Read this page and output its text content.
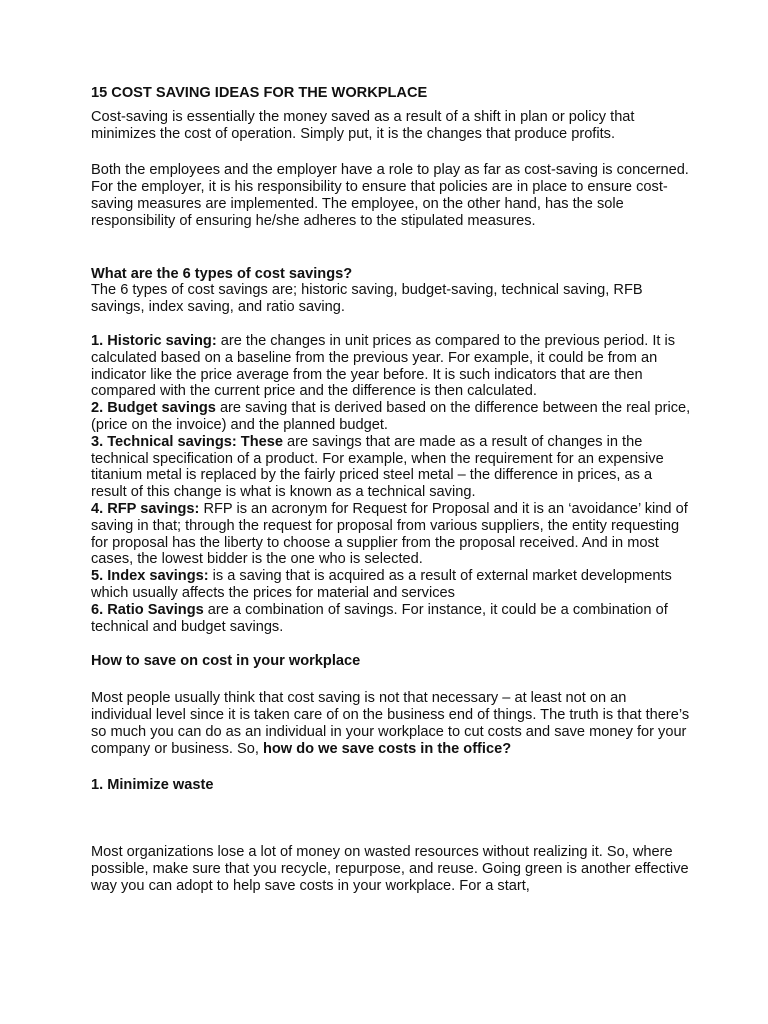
15 COST SAVING IDEAS FOR THE WORKPLACE

Cost-saving is essentially the money saved as a result of a shift in plan or policy that minimizes the cost of operation. Simply put, it is the changes that produce profits.

Both the employees and the employer have a role to play as far as cost-saving is concerned. For the employer, it is his responsibility to ensure that policies are in place to ensure cost-saving measures are implemented. The employee, on the other hand, has the sole responsibility of ensuring he/she adheres to the stipulated measures.

What are the 6 types of cost savings?

The 6 types of cost savings are; historic saving, budget-saving, technical saving, RFB savings, index saving, and ratio saving.

1. Historic saving: are the changes in unit prices as compared to the previous period. It is calculated based on a baseline from the previous year. For example, it could be from an indicator like the price average from the year before. It is such indicators that are then compared with the current price and the difference is then calculated.

2. Budget savings are saving that is derived based on the difference between the real price, (price on the invoice) and the planned budget.

3. Technical savings: These are savings that are made as a result of changes in the technical specification of a product. For example, when the requirement for an expensive titanium metal is replaced by the fairly priced steel metal – the difference in prices, as a result of this change is what is known as a technical saving.

4. RFP savings: RFP is an acronym for Request for Proposal and it is an ‘avoidance’ kind of saving in that; through the request for proposal from various suppliers, the entity requesting for proposal has the liberty to choose a supplier from the proposal received. And in most cases, the lowest bidder is the one who is selected.

5. Index savings: is a saving that is acquired as a result of external market developments which usually affects the prices for material and services

6. Ratio Savings are a combination of savings. For instance, it could be a combination of technical and budget savings.

How to save on cost in your workplace

Most people usually think that cost saving is not that necessary – at least not on an individual level since it is taken care of on the business end of things. The truth is that there’s so much you can do as an individual in your workplace to cut costs and save money for your company or business. So, how do we save costs in the office?

1. Minimize waste

Most organizations lose a lot of money on wasted resources without realizing it. So, where possible, make sure that you recycle, repurpose, and reuse. Going green is another effective way you can adopt to help save costs in your workplace. For a start,
